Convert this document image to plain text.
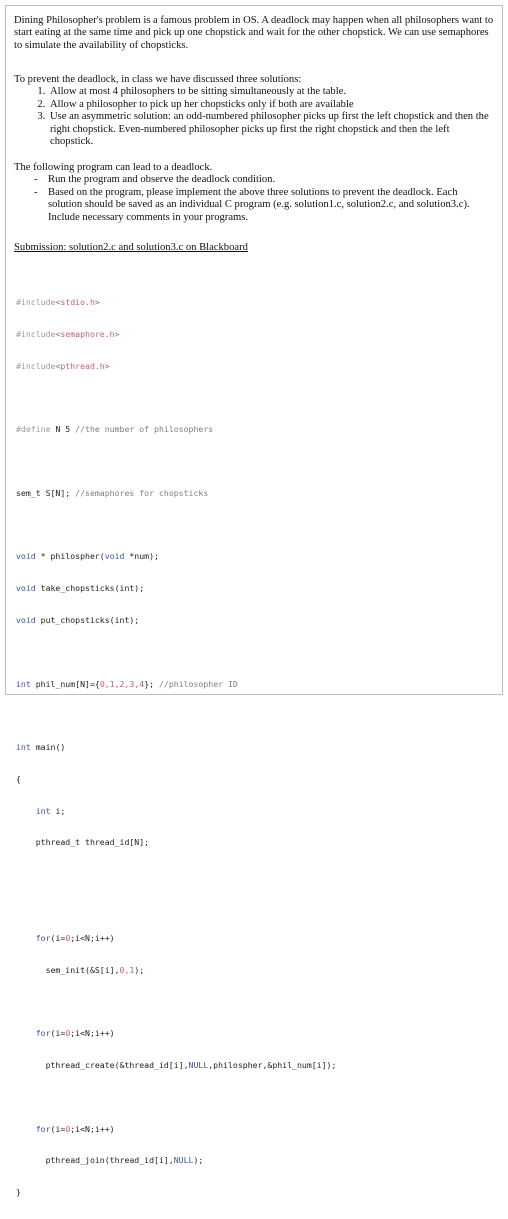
Dining Philosopher's problem is a famous problem in OS. A deadlock may happen when all philosophers want to start eating at the same time and pick up one chopstick and wait for the other chopstick. We can use semaphores to simulate the availability of chopsticks.
To prevent the deadlock, in class we have discussed three solutions:
1. Allow at most 4 philosophers to be sitting simultaneously at the table.
2. Allow a philosopher to pick up her chopsticks only if both are available
3. Use an asymmetric solution: an odd-numbered philosopher picks up first the left chopstick and then the right chopstick. Even-numbered philosopher picks up first the right chopstick and then the left chopstick.
The following program can lead to a deadlock.
- Run the program and observe the deadlock condition.
- Based on the program, please implement the above three solutions to prevent the deadlock. Each solution should be saved as an individual C program (e.g. solution1.c, solution2.c, and solution3.c). Include necessary comments in your programs.
Submission: solution2.c and solution3.c on Blackboard

#include<stdio.h>

#include<semaphore.h>

#include<pthread.h>

#define N 5 //the number of philosophers

sem_t S[N]; //semaphores for chopsticks

void * philospher(void *num);

void take_chopsticks(int);

void put_chopsticks(int);

int phil_num[N]={0,1,2,3,4}; //philosopher ID

int main()

{

int i;

pthread_t thread_id[N];

for(i=0;i<N;i++)

sem_init(&S[i],0,1);

for(i=0;i<N;i++)

pthread_create(&thread_id[i],NULL,philospher,&phil_num[i]);

for(i=0;i<N;i++)

pthread_join(thread_id[i],NULL);

}
